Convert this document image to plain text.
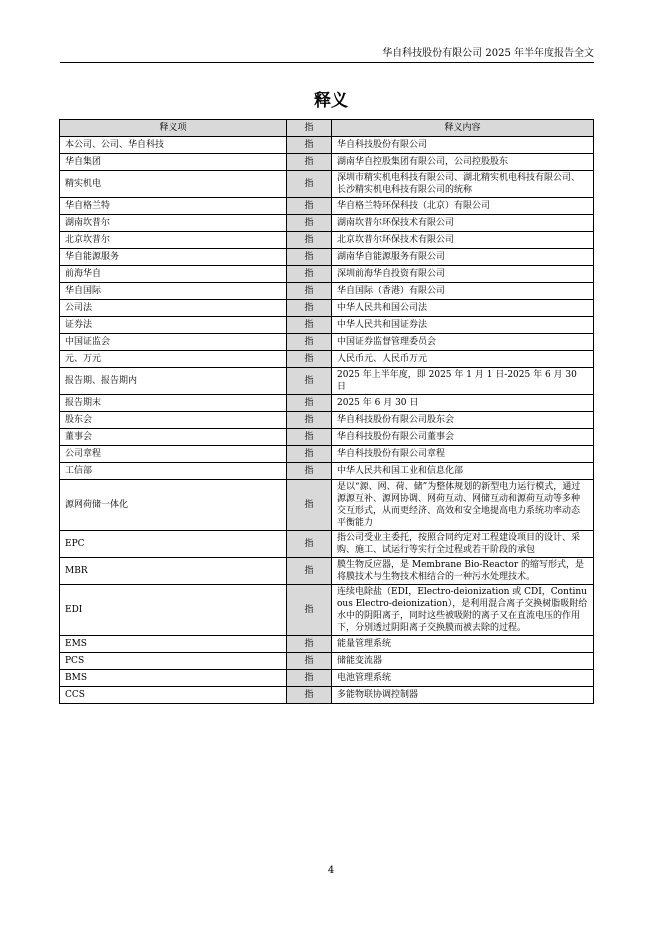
华自科技股份有限公司 2025 年半年度报告全文
释义
释义项	指	释义内容
本公司、公司、华自科技	指	华自科技股份有限公司
华自集团	指	湖南华自控股集团有限公司，公司控股股东
精实机电	指	深圳市精实机电科技有限公司、湖北精实机电科技有限公司、长沙精实机电科技有限公司的统称
华自格兰特	指	华自格兰特环保科技（北京）有限公司
湖南坎普尔	指	湖南坎普尔环保技术有限公司
北京坎普尔	指	北京坎普尔环保技术有限公司
华自能源服务	指	湖南华自能源服务有限公司
前海华自	指	深圳前海华自投资有限公司
华自国际	指	华自国际（香港）有限公司
公司法	指	中华人民共和国公司法
证券法	指	中华人民共和国证券法
中国证监会	指	中国证券监督管理委员会
元、万元	指	人民币元、人民币万元
报告期、报告期内	指	2025 年上半年度，即 2025 年 1 月 1 日-2025 年 6 月 30 日
报告期末	指	2025 年 6 月 30 日
股东会	指	华自科技股份有限公司股东会
董事会	指	华自科技股份有限公司董事会
公司章程	指	华自科技股份有限公司章程
工信部	指	中华人民共和国工业和信息化部
源网荷储一体化	指	是以“源、网、荷、储”为整体规划的新型电力运行模式，通过源源互补、源网协调、网荷互动、网储互动和源荷互动等多种交互形式，从而更经济、高效和安全地提高电力系统功率动态平衡能力
EPC	指	指公司受业主委托，按照合同约定对工程建设项目的设计、采购、施工、试运行等实行全过程或若干阶段的承包
MBR	指	膜生物反应器，是 Membrane Bio-Reactor 的缩写形式，是将膜技术与生物技术相结合的一种污水处理技术。
EDI	指	连续电除盐（EDI，Electro-deionization 或 CDI，Continuous Electro-deionization），是利用混合离子交换树脂吸附给水中的阴阳离子，同时这些被吸附的离子又在直流电压的作用下，分别透过阴阳离子交换膜而被去除的过程。
EMS	指	能量管理系统
PCS	指	储能变流器
BMS	指	电池管理系统
CCS	指	多能物联协调控制器
4
